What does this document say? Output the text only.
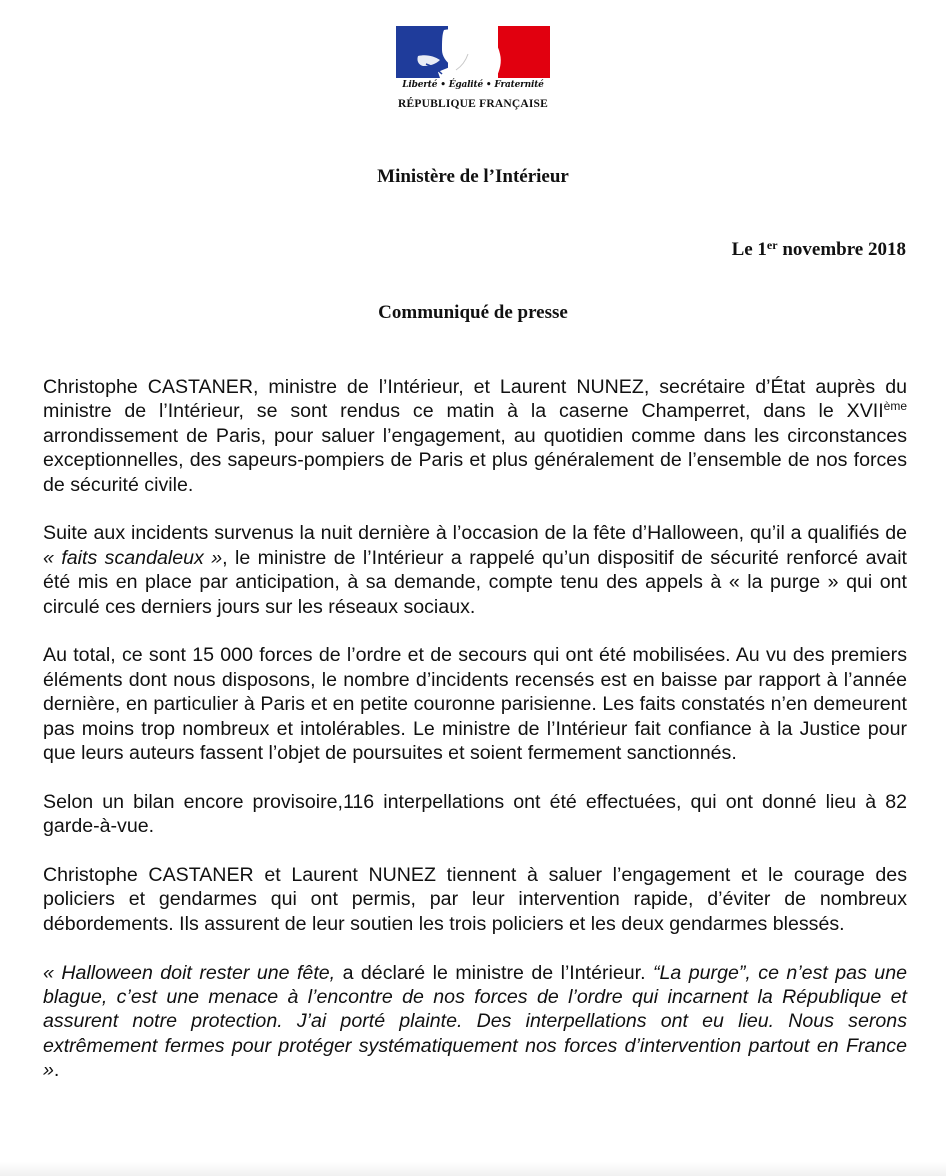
Liberté • Égalité • Fraternité
RÉPUBLIQUE FRANÇAISE
Ministère de l’Intérieur
Le 1er novembre 2018
Communiqué de presse

Christophe CASTANER, ministre de l’Intérieur, et Laurent NUNEZ, secrétaire d’État auprès du ministre de l’Intérieur, se sont rendus ce matin à la caserne Champerret, dans le XVIIème arrondissement de Paris, pour saluer l’engagement, au quotidien comme dans les circonstances exceptionnelles, des sapeurs-pompiers de Paris et plus généralement de l’ensemble de nos forces de sécurité civile.

Suite aux incidents survenus la nuit dernière à l’occasion de la fête d’Halloween, qu’il a qualifiés de « faits scandaleux », le ministre de l’Intérieur a rappelé qu’un dispositif de sécurité renforcé avait été mis en place par anticipation, à sa demande, compte tenu des appels à « la purge » qui ont circulé ces derniers jours sur les réseaux sociaux.

Au total, ce sont 15 000 forces de l’ordre et de secours qui ont été mobilisées. Au vu des premiers éléments dont nous disposons, le nombre d’incidents recensés est en baisse par rapport à l’année dernière, en particulier à Paris et en petite couronne parisienne. Les faits constatés n’en demeurent pas moins trop nombreux et intolérables. Le ministre de l’Intérieur fait confiance à la Justice pour que leurs auteurs fassent l’objet de poursuites et soient fermement sanctionnés.

Selon un bilan encore provisoire,116 interpellations ont été effectuées, qui ont donné lieu à 82 garde-à-vue.

Christophe CASTANER et Laurent NUNEZ tiennent à saluer l’engagement et le courage des policiers et gendarmes qui ont permis, par leur intervention rapide, d’éviter de nombreux débordements. Ils assurent de leur soutien les trois policiers et les deux gendarmes blessés.

« Halloween doit rester une fête, a déclaré le ministre de l’Intérieur. “La purge”, ce n’est pas une blague, c’est une menace à l’encontre de nos forces de l’ordre qui incarnent la République et assurent notre protection. J’ai porté plainte. Des interpellations ont eu lieu. Nous serons extrêmement fermes pour protéger systématiquement nos forces d’intervention partout en France ».
